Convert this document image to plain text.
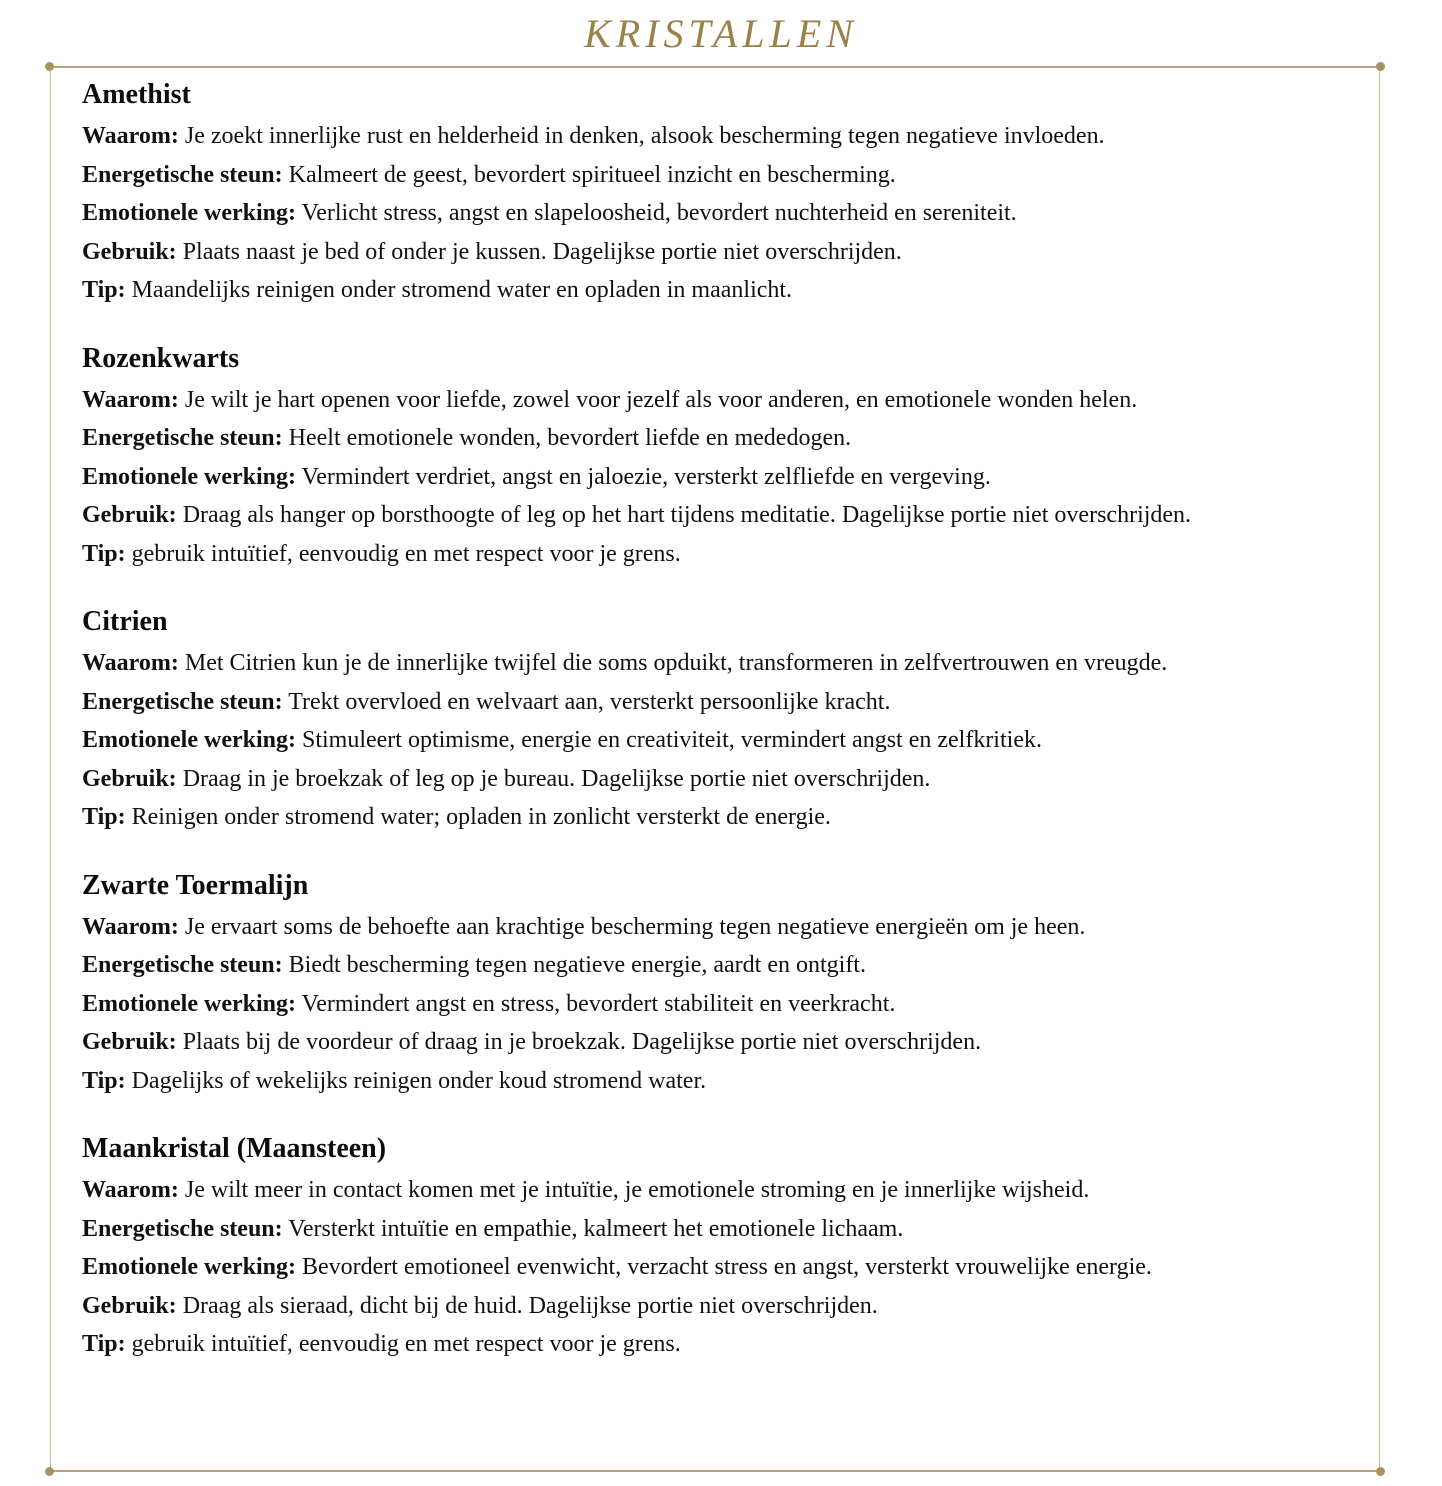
KRISTALLEN
Amethist

Waarom: Je zoekt innerlijke rust en helderheid in denken, alsook bescherming tegen negatieve invloeden.

Energetische steun: Kalmeert de geest, bevordert spiritueel inzicht en bescherming.

Emotionele werking: Verlicht stress, angst en slapeloosheid, bevordert nuchterheid en sereniteit.

Gebruik: Plaats naast je bed of onder je kussen. Dagelijkse portie niet overschrijden.

Tip: Maandelijks reinigen onder stromend water en opladen in maanlicht.

Rozenkwarts

Waarom: Je wilt je hart openen voor liefde, zowel voor jezelf als voor anderen, en emotionele wonden helen.

Energetische steun: Heelt emotionele wonden, bevordert liefde en mededogen.

Emotionele werking: Vermindert verdriet, angst en jaloezie, versterkt zelfliefde en vergeving.

Gebruik: Draag als hanger op borsthoogte of leg op het hart tijdens meditatie. Dagelijkse portie niet overschrijden.

Tip: gebruik intuïtief, eenvoudig en met respect voor je grens.

Citrien

Waarom: Met Citrien kun je de innerlijke twijfel die soms opduikt, transformeren in zelfvertrouwen en vreugde.

Energetische steun: Trekt overvloed en welvaart aan, versterkt persoonlijke kracht.

Emotionele werking: Stimuleert optimisme, energie en creativiteit, vermindert angst en zelfkritiek.

Gebruik: Draag in je broekzak of leg op je bureau. Dagelijkse portie niet overschrijden.

Tip: Reinigen onder stromend water; opladen in zonlicht versterkt de energie.

Zwarte Toermalijn

Waarom: Je ervaart soms de behoefte aan krachtige bescherming tegen negatieve energieën om je heen.

Energetische steun: Biedt bescherming tegen negatieve energie, aardt en ontgift.

Emotionele werking: Vermindert angst en stress, bevordert stabiliteit en veerkracht.

Gebruik: Plaats bij de voordeur of draag in je broekzak. Dagelijkse portie niet overschrijden.

Tip: Dagelijks of wekelijks reinigen onder koud stromend water.

Maankristal (Maansteen)

Waarom: Je wilt meer in contact komen met je intuïtie, je emotionele stroming en je innerlijke wijsheid.

Energetische steun: Versterkt intuïtie en empathie, kalmeert het emotionele lichaam.

Emotionele werking: Bevordert emotioneel evenwicht, verzacht stress en angst, versterkt vrouwelijke energie.

Gebruik: Draag als sieraad, dicht bij de huid. Dagelijkse portie niet overschrijden.

Tip: gebruik intuïtief, eenvoudig en met respect voor je grens.
